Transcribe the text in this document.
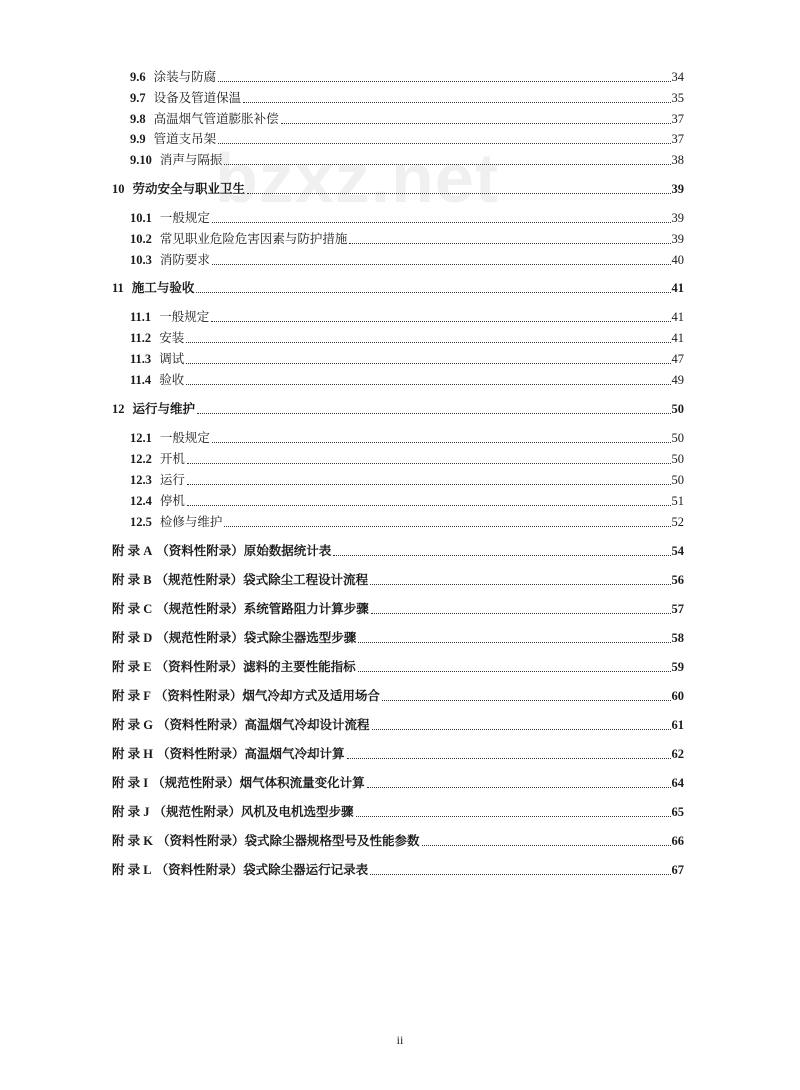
bzxz.net
9.6 涂装与防腐	34
9.7 设备及管道保温	35
9.8 高温烟气管道膨胀补偿	37
9.9 管道支吊架	37
9.10 消声与隔振	38
10 劳动安全与职业卫生	39
10.1 一般规定	39
10.2 常见职业危险危害因素与防护措施	39
10.3 消防要求	40
11 施工与验收	41
11.1 一般规定	41
11.2 安装	41
11.3 调试	47
11.4 验收	49
12 运行与维护	50
12.1 一般规定	50
12.2 开机	50
12.3 运行	50
12.4 停机	51
12.5 检修与维护	52
附 录 A （资料性附录）原始数据统计表	54
附 录 B （规范性附录）袋式除尘工程设计流程	56
附 录 C （规范性附录）系统管路阻力计算步骤	57
附 录 D （规范性附录）袋式除尘器选型步骤	58
附 录 E （资料性附录）滤料的主要性能指标	59
附 录 F （资料性附录）烟气冷却方式及适用场合	60
附 录 G （资料性附录）高温烟气冷却设计流程	61
附 录 H （资料性附录）高温烟气冷却计算	62
附 录 I （规范性附录）烟气体积流量变化计算	64
附 录 J （规范性附录）风机及电机选型步骤	65
附 录 K （资料性附录）袋式除尘器规格型号及性能参数	66
附 录 L （资料性附录）袋式除尘器运行记录表	67
ii
